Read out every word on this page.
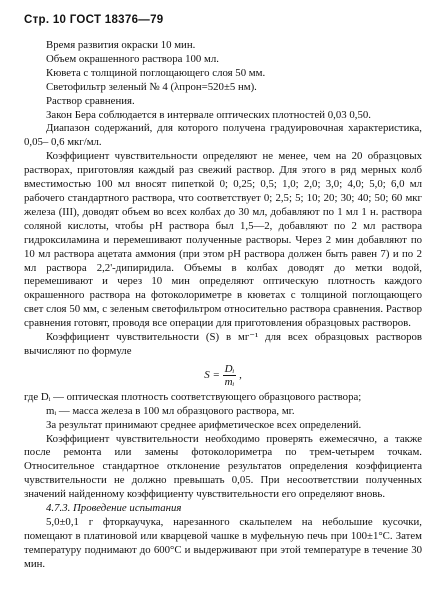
Стр. 10 ГОСТ 18376—79

Время развития окраски 10 мин.

Объем окрашенного раствора 100 мл.

Кювета с толщиной поглощающего слоя 50 мм.

Светофильтр зеленый № 4 (λпрон=520±5 нм).

Раствор сравнения.

Закон Бера соблюдается в интервале оптических плотностей 0,03 0,50.

Диапазон содержаний, для которого получена градуировочная характеристика, 0,05– 0,6 мкг/мл.

Коэффициент чувствительности определяют не менее, чем на 20 образцовых растворах, приготовляя каждый раз свежий раствор. Для этого в ряд мерных колб вместимостью 100 мл вносят пипеткой 0; 0,25; 0,5; 1,0; 2,0; 3,0; 4,0; 5,0; 6,0 мл рабочего стандартного раствора, что соответствует 0; 2,5; 5; 10; 20; 30; 40; 50; 60 мкг железа (III), доводят объем во всех колбах до 30 мл, добавляют по 1 мл 1 н. раствора соляной кислоты, чтобы pH раствора был 1,5—2, добавляют по 2 мл раствора гидроксиламина и перемешивают полученные растворы. Через 2 мин добавляют по 10 мл раствора ацетата аммония (при этом pH раствора должен быть равен 7) и по 2 мл раствора 2,2'-дипиридила. Объемы в колбах доводят до метки водой, перемешивают и через 10 мин определяют оптическую плотность каждого окрашенного раствора на фотоколориметре в кюветах с толщиной поглощающего свет слоя 50 мм, с зеленым светофильтром относительно раствора сравнения. Раствор сравнения готовят, проводя все операции для приготовления образцовых растворов.

Коэффициент чувствительности (S) в мг⁻¹ для всех образцовых растворов вычисляют по формуле

$S = \frac{\text{Dᵢ}}{\text{mᵢ}}$ ,

где Dᵢ — оптическая плотность соответствующего образцового раствора;

mᵢ — масса железа в 100 мл образцового раствора, мг.

За результат принимают среднее арифметическое всех определений.

Коэффициент чувствительности необходимо проверять ежемесячно, а также после ремонта или замены фотоколориметра по трем-четырем точкам. Относительное стандартное отклонение результатов определения коэффициента чувствительности не должно превышать 0,05. При несоответствии полученных значений найденному коэффициенту чувствительности его определяют вновь.

4.7.3. Проведение испытания

5,0±0,1 г фторкаучука, нарезанного скальпелем на небольшие кусочки, помещают в платиновой или кварцевой чашке в муфельную печь при 100±1°С. Затем температуру поднимают до 600°С и выдерживают при этой температуре в течение 30 мин.
